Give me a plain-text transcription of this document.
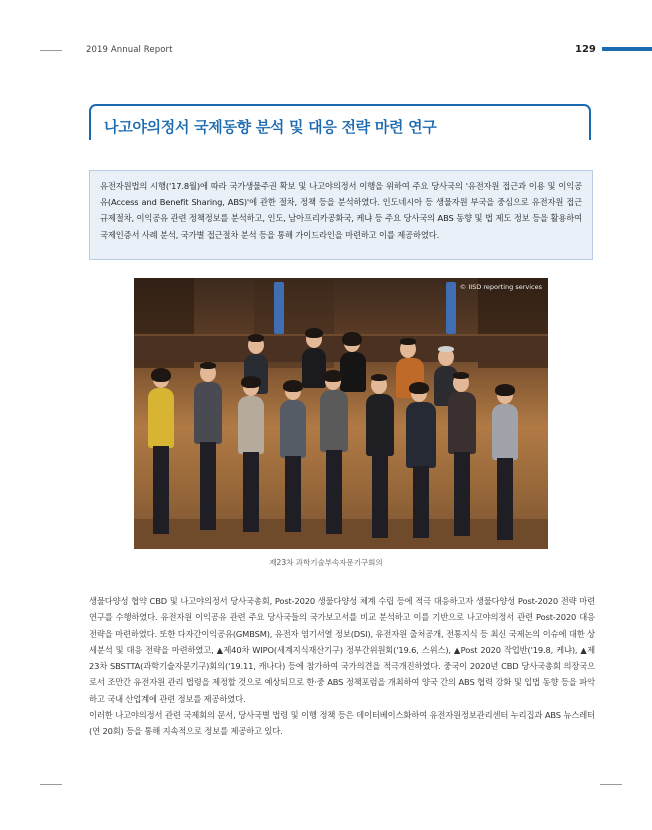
2019 Annual Report	129
나고야의정서 국제동향 분석 및 대응 전략 마련 연구

유전자원법의 시행('17.8월)에 따라 국가생물주권 확보 및 나고야의정서 이행을 위하여 주요 당사국의 '유전자원 접근과 이용 및 이익공유(Access and Benefit Sharing, ABS)'에 관한 절차, 정책 등을 분석하였다. 인도네시아 등 생물자원 부국을 중심으로 유전자원 접근 규제절차, 이익공유 관련 정책정보를 분석하고, 인도, 남아프리카공화국, 케냐 등 주요 당사국의 ABS 동향 및 법 제도 정보 등을 활용하여 국제인증서 사례 분석, 국가별 접근절차 분석 등을 통해 가이드라인을 마련하고 이를 제공하였다.

© IISD reporting services
제23차 과학기술부속자문기구회의

생물다양성 협약 CBD 및 나고야의정서 당사국총회, Post-2020 생물다양성 체계 수립 등에 적극 대응하고자 생물다양성 Post-2020 전략 마련 연구를 수행하였다. 유전자원 이익공유 관련 주요 당사국들의 국가보고서를 비교 분석하고 이를 기반으로 나고야의정서 관련 Post-2020 대응 전략을 마련하였다. 또한 다자간이익공유(GMBSM), 유전자 염기서열 정보(DSI), 유전자원 출처공개, 전통지식 등 최신 국제논의 이슈에 대한 상세분석 및 대응 전략을 마련하였고, ▲제40차 WIPO(세계지식재산기구) 정부간위원회('19.6, 스위스), ▲Post 2020 작업반('19.8, 케냐), ▲제23차 SBSTTA(과학기술자문기구)회의('19.11, 캐나다) 등에 참가하여 국가의견을 적극개진하였다. 중국이 2020년 CBD 당사국총회 의장국으로서 조만간 유전자원 관리 법령을 제정할 것으로 예상되므로 한·중 ABS 정책포럼을 개최하여 양국 간의 ABS 협력 강화 및 입법 동향 등을 파악하고 국내 산업계에 관련 정보를 제공하였다.

이러한 나고야의정서 관련 국제회의 문서, 당사국별 법령 및 이행 정책 등은 데이터베이스화하여 유전자원정보관리센터 누리집과 ABS 뉴스레터(연 20회) 등을 통해 지속적으로 정보를 제공하고 있다.
